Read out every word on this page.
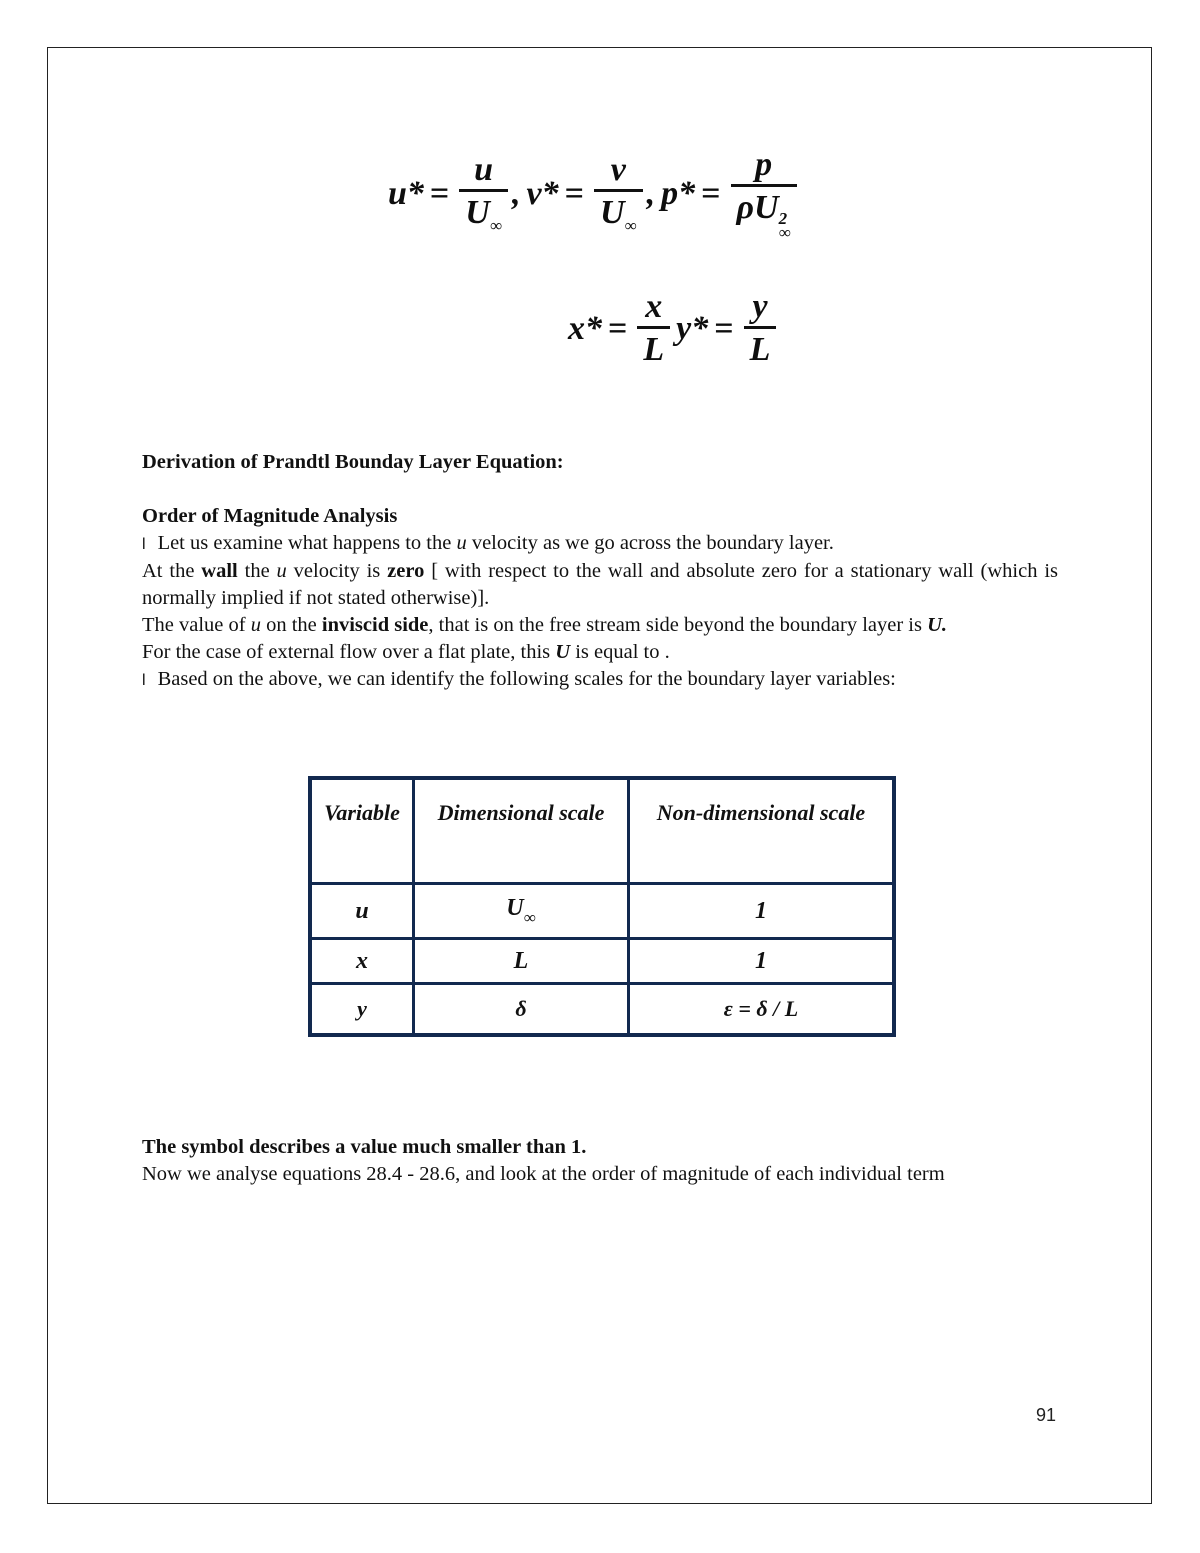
$u* = \frac{u}{U_\infty}$ , $v* = \frac{v}{U_\infty}$ , p* = p
ρU 2
∞
$x* = \frac{x}{L} y* = \frac{y}{L}$
Derivation of Prandtl Bounday Layer Equation:

Order of Magnitude Analysis

l Let us examine what happens to the u velocity as we go across the boundary layer.

At the wall the u velocity is zero [ with respect to the wall and absolute zero for a stationary wall (which is normally implied if not stated otherwise)].

The value of u on the inviscid side, that is on the free stream side beyond the boundary layer is U.

For the case of external flow over a flat plate, this U is equal to .

l Based on the above, we can identify the following scales for the boundary layer variables:

Variable	Dimensional scale	Non-dimensional scale
u	$U_\infty$	1
x	L	1
y	δ	ε = δ / L

The symbol describes a value much smaller than 1.

Now we analyse equations 28.4 - 28.6, and look at the order of magnitude of each individual term

91
